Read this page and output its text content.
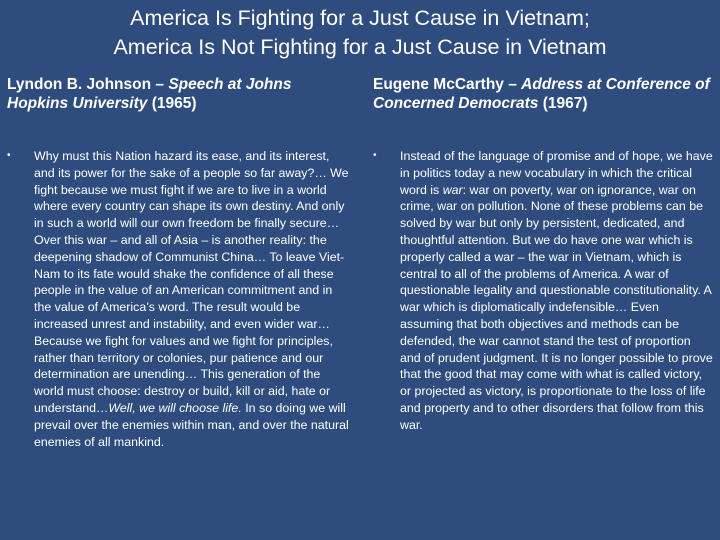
America Is Fighting for a Just Cause in Vietnam;
America Is Not Fighting for a Just Cause in Vietnam

Lyndon B. Johnson – Speech at Johns Hopkins University (1965)

• Why must this Nation hazard its ease, and its interest, and its power for the sake of a people so far away?… We fight because we must fight if we are to live in a world where every country can shape its own destiny. And only in such a world will our own freedom be finally secure… Over this war – and all of Asia – is another reality: the deepening shadow of Communist China… To leave Viet-Nam to its fate would shake the confidence of all these people in the value of an American commitment and in the value of America’s word. The result would be increased unrest and instability, and even wider war… Because we fight for values and we fight for principles, rather than territory or colonies, pur patience and our determination are unending… This generation of the world must choose: destroy or build, kill or aid, hate or understand…Well, we will choose life. In so doing we will prevail over the enemies within man, and over the natural enemies of all mankind.

Eugene McCarthy – Address at Conference of Concerned Democrats (1967)

• Instead of the language of promise and of hope, we have in politics today a new vocabulary in which the critical word is war: war on poverty, war on ignorance, war on crime, war on pollution. None of these problems can be solved by war but only by persistent, dedicated, and thoughtful attention. But we do have one war which is properly called a war – the war in Vietnam, which is central to all of the problems of America. A war of questionable legality and questionable constitutionality. A war which is diplomatically indefensible… Even assuming that both objectives and methods can be defended, the war cannot stand the test of proportion and of prudent judgment. It is no longer possible to prove that the good that may come with what is called victory, or projected as victory, is proportionate to the loss of life and property and to other disorders that follow from this war.
